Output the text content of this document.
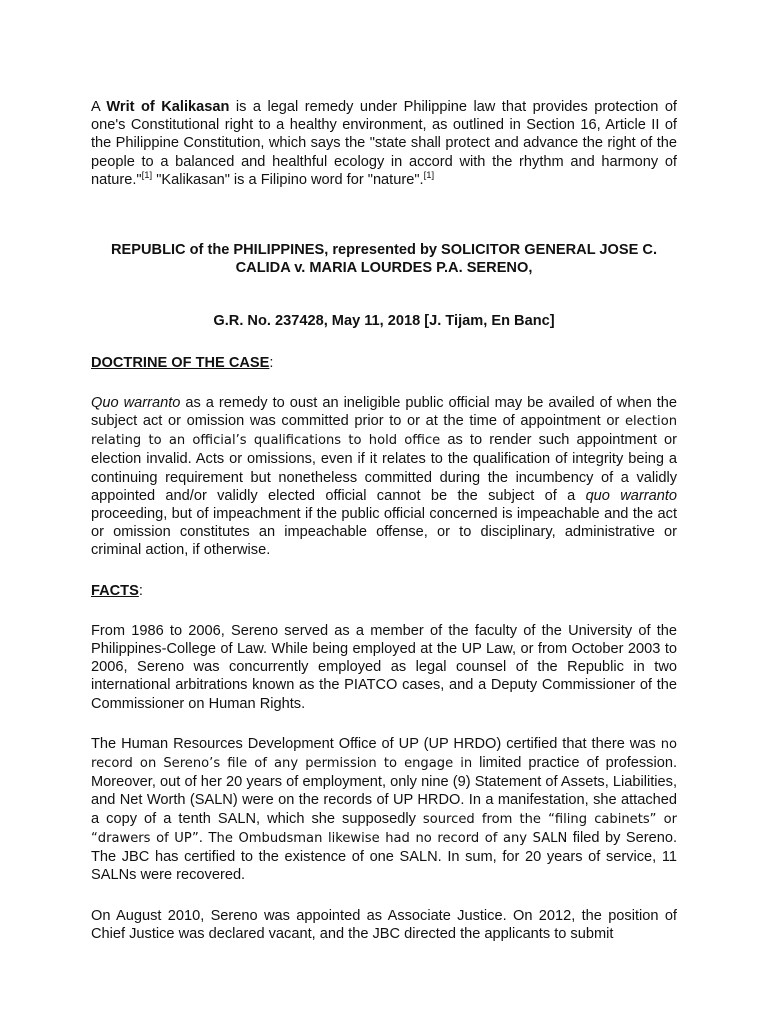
A Writ of Kalikasan is a legal remedy under Philippine law that provides protection of one's Constitutional right to a healthy environment, as outlined in Section 16, Article II of the Philippine Constitution, which says the "state shall protect and advance the right of the people to a balanced and healthful ecology in accord with the rhythm and harmony of nature."[1] "Kalikasan" is a Filipino word for "nature".[1]

REPUBLIC of the PHILIPPINES, represented by SOLICITOR GENERAL JOSE C. CALIDA v. MARIA LOURDES P.A. SERENO,

G.R. No. 237428, May 11, 2018 [J. Tijam, En Banc]

DOCTRINE OF THE CASE:

Quo warranto as a remedy to oust an ineligible public official may be availed of when the subject act or omission was committed prior to or at the time of appointment or election relating to an official’s qualifications to hold office as to render such appointment or election invalid. Acts or omissions, even if it relates to the qualification of integrity being a continuing requirement but nonetheless committed during the incumbency of a validly appointed and/or validly elected official cannot be the subject of a quo warranto proceeding, but of impeachment if the public official concerned is impeachable and the act or omission constitutes an impeachable offense, or to disciplinary, administrative or criminal action, if otherwise.

FACTS:

From 1986 to 2006, Sereno served as a member of the faculty of the University of the Philippines-College of Law. While being employed at the UP Law, or from October 2003 to 2006, Sereno was concurrently employed as legal counsel of the Republic in two international arbitrations known as the PIATCO cases, and a Deputy Commissioner of the Commissioner on Human Rights.

The Human Resources Development Office of UP (UP HRDO) certified that there was no record on Sereno’s file of any permission to engage in limited practice of profession. Moreover, out of her 20 years of employment, only nine (9) Statement of Assets, Liabilities, and Net Worth (SALN) were on the records of UP HRDO. In a manifestation, she attached a copy of a tenth SALN, which she supposedly sourced from the “filing cabinets” or “drawers of UP”. The Ombudsman likewise had no record of any SALN filed by Sereno. The JBC has certified to the existence of one SALN. In sum, for 20 years of service, 11 SALNs were recovered.

On August 2010, Sereno was appointed as Associate Justice. On 2012, the position of Chief Justice was declared vacant, and the JBC directed the applicants to submit
